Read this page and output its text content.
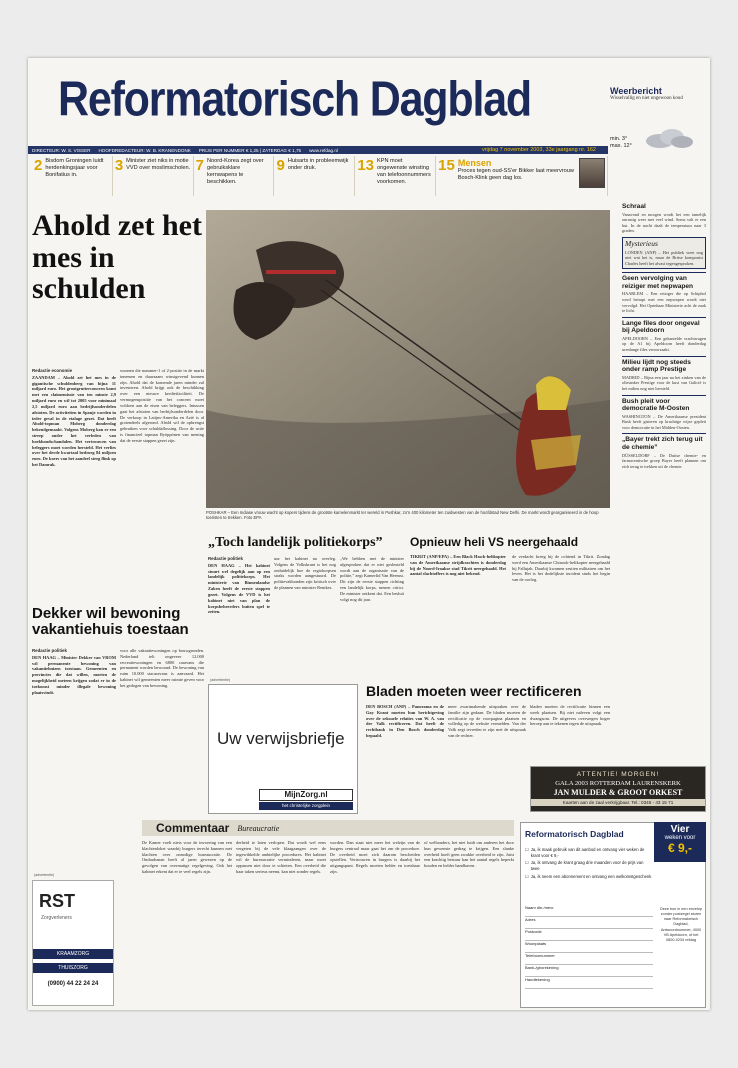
Reformatorisch Dagblad	Weerbericht
Wisselvallig en niet ongewoon koud
min. 3°
max. 12°
DIRECTEUR: W. S. VISSER HOOFDREDACTEUR: W. B. KRANENDONK PRIJS PER NUMMER € 1,25 | ZATERDAG € 1,75 www.refdag.nl	vrijdag 7 november 2003, 33e jaargang nr. 162
2 Bisdom Groningen luidt herdenkingsjaar voor Bonifatius in.
3 Minister ziet niks in motie VVD over moslimscholen. 7 Noord-Korea zegt over gebruiksklare kernwapens te beschikken.
9 Huisarts in probleemwijk onder druk.	13 KPN moet ongewenste winsting van telefoonnummers voorkomen.
15 Mensen
Proces tegen oud-SS'er Bikker laat meervrouw Bosch-Klink geen dag los.
Schraal
Vanavond en morgen wordt het een tamelijk onrustig weer met veel wind. Soms valt er een bui. In de nacht daalt de temperatuur naar 3 graden.
Mysterieus
LONDEN (ANP) – Het publiek weet nog niet wat het is, maar de Britse komponist Charles heeft het alvast tegengesproken.
Geen vervolging van reiziger met nepwapen
HAARLEM – Een reiziger die op Schiphol werd betrapt met een nepwapen wordt niet vervolgd. Het Openbaar Ministerie acht de zaak te licht.
Lange files door ongeval bij Apeldoorn
APELDOORN – Een gekantelde vrachtwagen op de A1 bij Apeldoorn heeft donderdag urenlange files veroorzaakt.
Milieu lijdt nog steeds onder ramp Prestige
MADRID – Bijna een jaar na het zinken van de olietanker Prestige voor de kust van Galicië is het milieu nog niet hersteld.
Bush pleit voor democratie M-Oosten
WASHINGTON – De Amerikaanse president Bush heeft gisteren op krachtige wijze gepleit voor democratie in het Midden-Oosten.
„Bayer trekt zich terug uit de chemie”
DÜSSELDORF – De Duitse chemie- en farmaceutische groep Bayer heeft plannen om zich terug te trekken uit de chemie.
Ahold zet het mes in schulden
Redactie economie
ZAANDAM – Ahold zet het mes in de gigantische schuldenberg van bijna 11 miljard euro. Het grootgrutterconcern komt met een claimemissie van ten minste 2,9 miljard euro en wil tot 2005 voor minimaal 2,5 miljard euro aan bedrijfsonderdelen afstoten. De activiteiten in Spanje worden in ieder geval in de etalage gezet. Dat heeft Ahold-topman Moberg donderdag bekendgemaakt. Volgens Moberg kan er een streep onder het verleden van boekhoudschandalen. Het vertrouwen van beleggers moet worden hersteld. Het verlies over het derde kwartaal bedroeg 84 miljoen euro. De koers van het aandeel steeg flink op het Damrak.
wonnen die nummer-1 of 2-positie in de markt innemen en duurzaam winstgevend kunnen zijn. Ahold dat de komende jaren minder zal investeren. Ahold krijgt ook de beschikking over een nieuwe kredietfaciliteit. De vermogenspositie van het concern moet voldoen aan de eisen van beleggers. Intussen gaat het afstoten van bedrijfsonderdelen door. De verkoop in Latijns-Amerika en Azië is al grotendeels afgerond. Ahold wil de opbrengst gebruiken voor schuldaflossing. Door de actie is financieel topman Ryöppönen van mening dat de eerste stappen gezet zijn.
POSHKAR – Een Indiase vrouw wacht op kopers tijdens de grootste kamelenmarkt ter wereld in Pushkar, zo'n 400 kilometer ten zuidwesten van de hoofdstad New Delhi. De markt wordt georganiseerd in de hoop toeristen te trekken. Foto EPA
Dekker wil bewoning vakantiehuis toestaan
Redactie politiek
DEN HAAG – Minister Dekker van VROM wil permanente bewoning van vakantiehuizen toestaan. Gemeenten en provincies die dat willen, moeten de mogelijkheid meteen krijgen zodat er in de toekomst minder illegale bewoning plaatsvindt.
voor alle vakantiewoningen op bouwgronden. Nederland telt ongeveer 12.000 recreatiewoningen en 6800 caravans die permanent worden bewoond. De bewoning van ruim 10.000 stacaravans is aanvaard. Het kabinet wil gemeenten meer ruimte geven voor het gedogen van bewoning.
„Toch landelijk politiekorps”
Redactie politiek
DEN HAAG – Het kabinet stuurt wel degelijk aan op een landelijk politiekorps. Het ministerie van Binnenlandse Zaken heeft de eerste stappen gezet. Volgens de VVD is het kabinet niet van plan de korpsbeheerders buiten spel te zetten.
uur het kabinet na overleg. Volgens de Volkskrant is het nog onduidelijk hoe de regiokorpsen straks worden aangestuurd. De politievakbonden zijn kritisch over de plannen van minister Remkes.
„We hebben met de minister afgesproken dat er niet gesleuteld wordt aan de organisatie van de politie,” zegt Kamerlid Van Heemst. Dit zijn de eerste stappen richting een landelijk korps, menen critici. De minister ontkent dat. Een besluit volgt nog dit jaar.
Opnieuw heli VS neergehaald
TIKRIT (ANP/EPA) – Een Black Hawk-helikopter van de Amerikaanse strijdkrachten is donderdag bij de Noord-Iraakse stad Tikrit neergehaald. Het aantal slachtoffers is nog niet bekend.
de verdacht kreeg bij de ochtend in Tikrit. Zondag werd een Amerikaanse Chinook-helikopter neergehaald bij Fallujah. Daarbij kwamen zestien militairen om het leven. Het is het dodelijkste incident sinds het begin van de oorlog.
(advertentie)
Uw verwijsbriefje
MijnZorg.nl
het christelijke zorgplein
Bladen moeten weer rectificeren
DEN BOSCH (ANP) – Panorama en de Gay Krant moeten hun berichtgeving over de seksuele relaties van W. A. van der Valk rectificeren. Dat heeft de rechtbank in Den Bosch donderdag bepaald.
meer zwartmakende uitspraken over de familie zijn gedaan. De bladen moeten de rectificatie op de voorpagina plaatsen en volledig op de website vermelden. Van der Valk zegt tevreden te zijn met de uitspraak van de rechter.
bladen moeten de rectificatie binnen een week plaatsen. Bij niet naleven volgt een dwangsom. De uitgevers overwegen hoger beroep aan te tekenen tegen de uitspraak.
ATTENTIE! MORGEN!
GALA 2003 ROTTERDAM LAURENSKERK
JAN MULDER & GROOT ORKEST
Kaarten aan de zaal verkrijgbaar. Tel.: 0345 - 43 15 71
Commentaar Bureaucratie
De Kamer voelt niets voor de invoering van een klachtenloket waarbij burgers terecht kunnen met klachten over onnodige bureaucratie. De Ombudsman heeft al jaren gewezen op de gevolgen van overmatige regelgeving. Ook het kabinet erkent dat er te veel regels zijn.
derheid te laten verlopen. Dat wordt wel eens vergeten bij de vele klaagzangen over de ingewikkelde ambtelijke procedures. Het kabinet wil de bureaucratie verminderen, maar moet oppassen niet door te schieten. Een overheid die haar taken serieus neemt, kan niet zonder regels.
worden. Dan staat niet meer het welzijn van de burgers centraal maar gaat het om de procedure. De overheid moet zich daarom bescheiden opstellen. Vertrouwen in burgers is daarbij het uitgangspunt. Regels moeten helder en toetsbaar zijn.
of welhouders, het niet luidt om anderen het door hun gewenste gedrag te krijgen. Een slanke overheid hoeft geen zwakke overheid te zijn. Juist een krachtig bestuur kan het aantal regels beperkt houden en helder handhaven.
(advertentie)
RST
Zorgverleners
KRAAMZORG
THUISZORG
(0900) 44 22 24 24
Reformatorisch Dagblad
☐ Ja, ik maak gebruik van dit aanbod en ontvang vier weken de krant voor € 9,-
☐ Ja, ik ontvang de krant graag drie maanden voor de prijs van twee
☐ Ja, ik neem een abonnement en ontvang een welkomstgeschenk
Naam dhr./mevr.
Adres
Postcode
Woonplaats
Telefoonnummer
Bank-/girorekening
Handtekening
Deze bon in een envelop zonder postzegel sturen naar Reformatorisch Dagblad, Antwoordnummer, 4000 VB Apeldoorn, of bel 0800-0234 refdag
Vier
weken voor
€ 9,-
